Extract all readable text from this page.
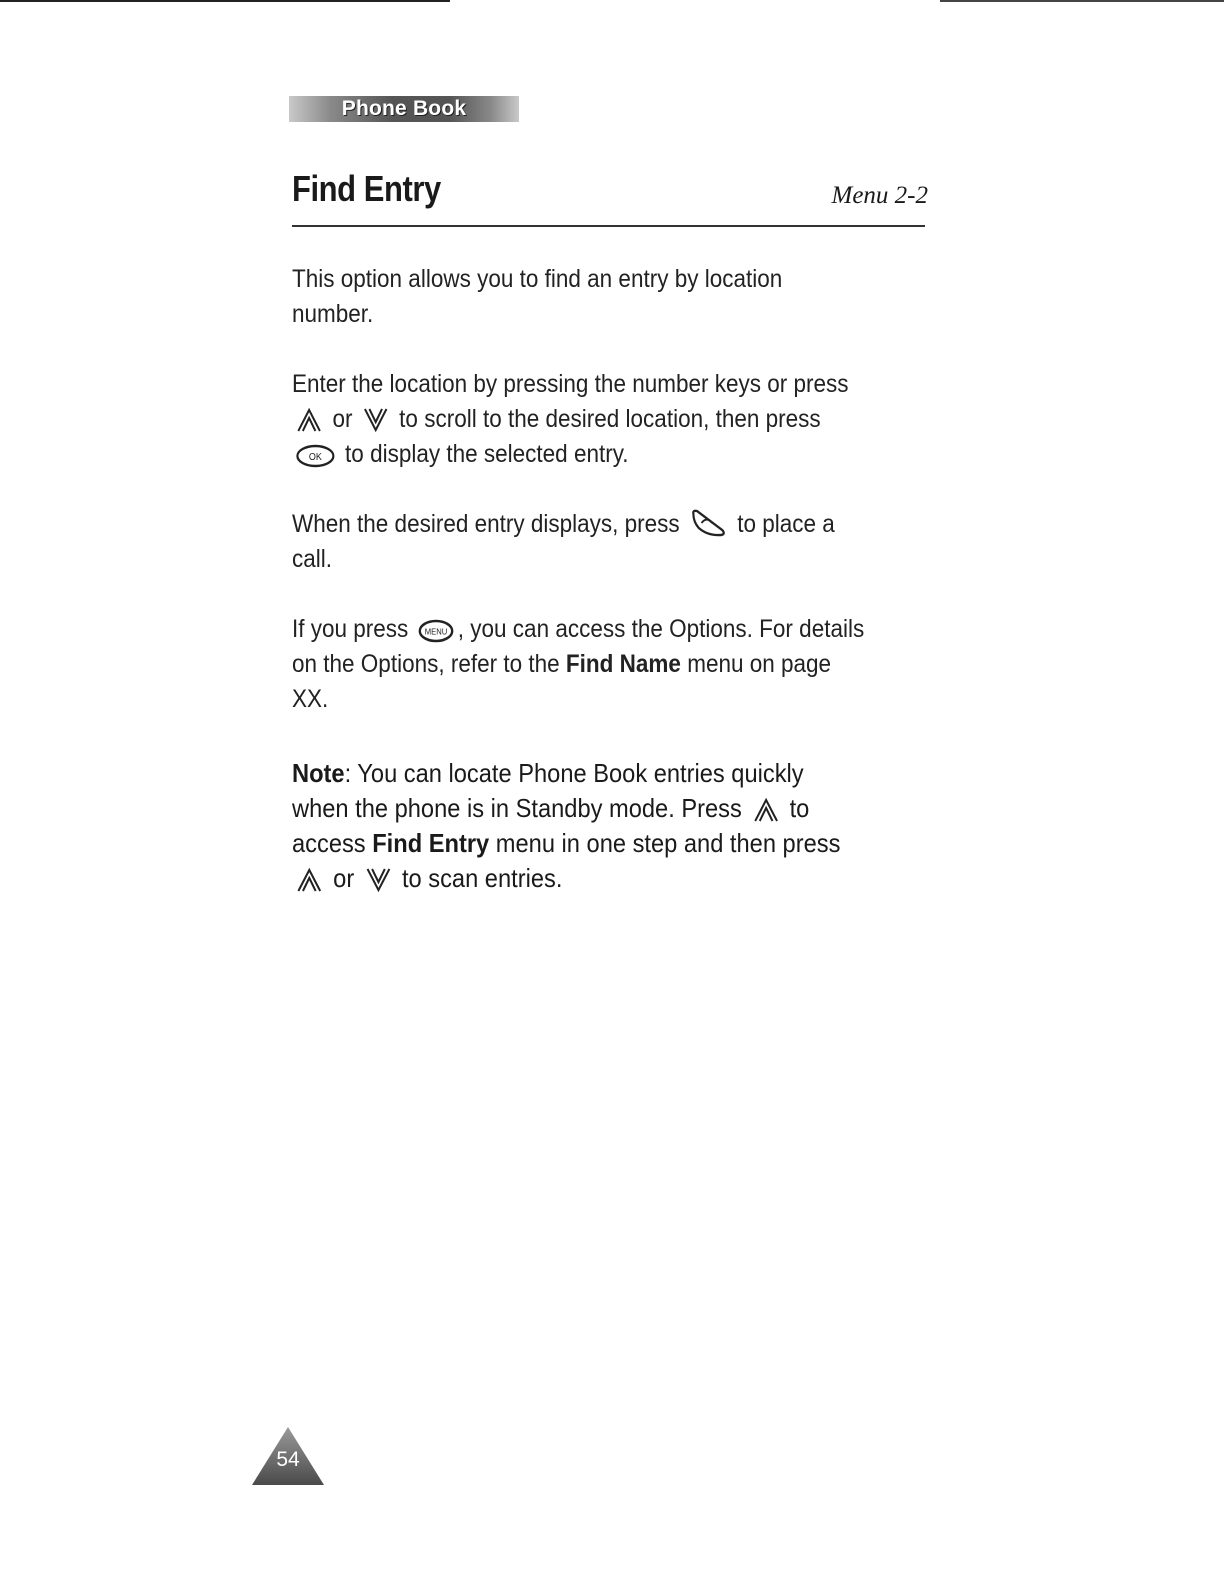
Phone Book
Find Entry	Menu 2-2

This option allows you to find an entry by location number.

Enter the location by pressing the number keys or press  or to scroll to the desired location, then press
OK to display the selected entry.

When the desired entry displays, press to place a call.

If you press MENU , you can access the Options. For details on the Options, refer to the Find Name menu on page XX.

Note: You can locate Phone Book entries quickly when the phone is in Standby mode. Press to access Find Entry menu in one step and then press  or to scan entries.

54
